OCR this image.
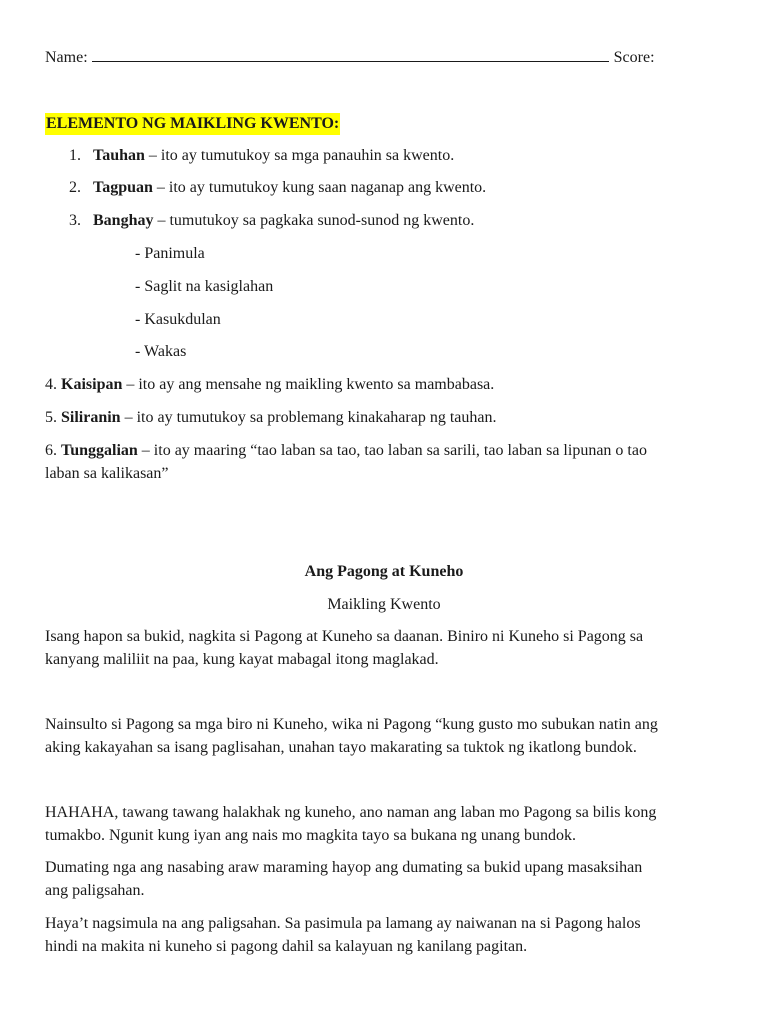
Name:	Score:
ELEMENTO NG MAIKLING KWENTO:
1. Tauhan – ito ay tumutukoy sa mga panauhin sa kwento.
2. Tagpuan – ito ay tumutukoy kung saan naganap ang kwento.
3. Banghay – tumutukoy sa pagkaka sunod-sunod ng kwento.
- Panimula
- Saglit na kasiglahan
- Kasukdulan
- Wakas
4. Kaisipan – ito ay ang mensahe ng maikling kwento sa mambabasa.
5. Siliranin – ito ay tumutukoy sa problemang kinakaharap ng tauhan.
6. Tunggalian – ito ay maaring “tao laban sa tao, tao laban sa sarili, tao laban sa lipunan o tao
laban sa kalikasan”
Ang Pagong at Kuneho
Maikling Kwento
Isang hapon sa bukid, nagkita si Pagong at Kuneho sa daanan. Biniro ni Kuneho si Pagong sa
kanyang maliliit na paa, kung kayat mabagal itong maglakad.
Nainsulto si Pagong sa mga biro ni Kuneho, wika ni Pagong “kung gusto mo subukan natin ang
aking kakayahan sa isang paglisahan, unahan tayo makarating sa tuktok ng ikatlong bundok.
HAHAHA, tawang tawang halakhak ng kuneho, ano naman ang laban mo Pagong sa bilis kong
tumakbo. Ngunit kung iyan ang nais mo magkita tayo sa bukana ng unang bundok.
Dumating nga ang nasabing araw maraming hayop ang dumating sa bukid upang masaksihan
ang paligsahan.
Haya’t nagsimula na ang paligsahan. Sa pasimula pa lamang ay naiwanan na si Pagong halos
hindi na makita ni kuneho si pagong dahil sa kalayuan ng kanilang pagitan.
